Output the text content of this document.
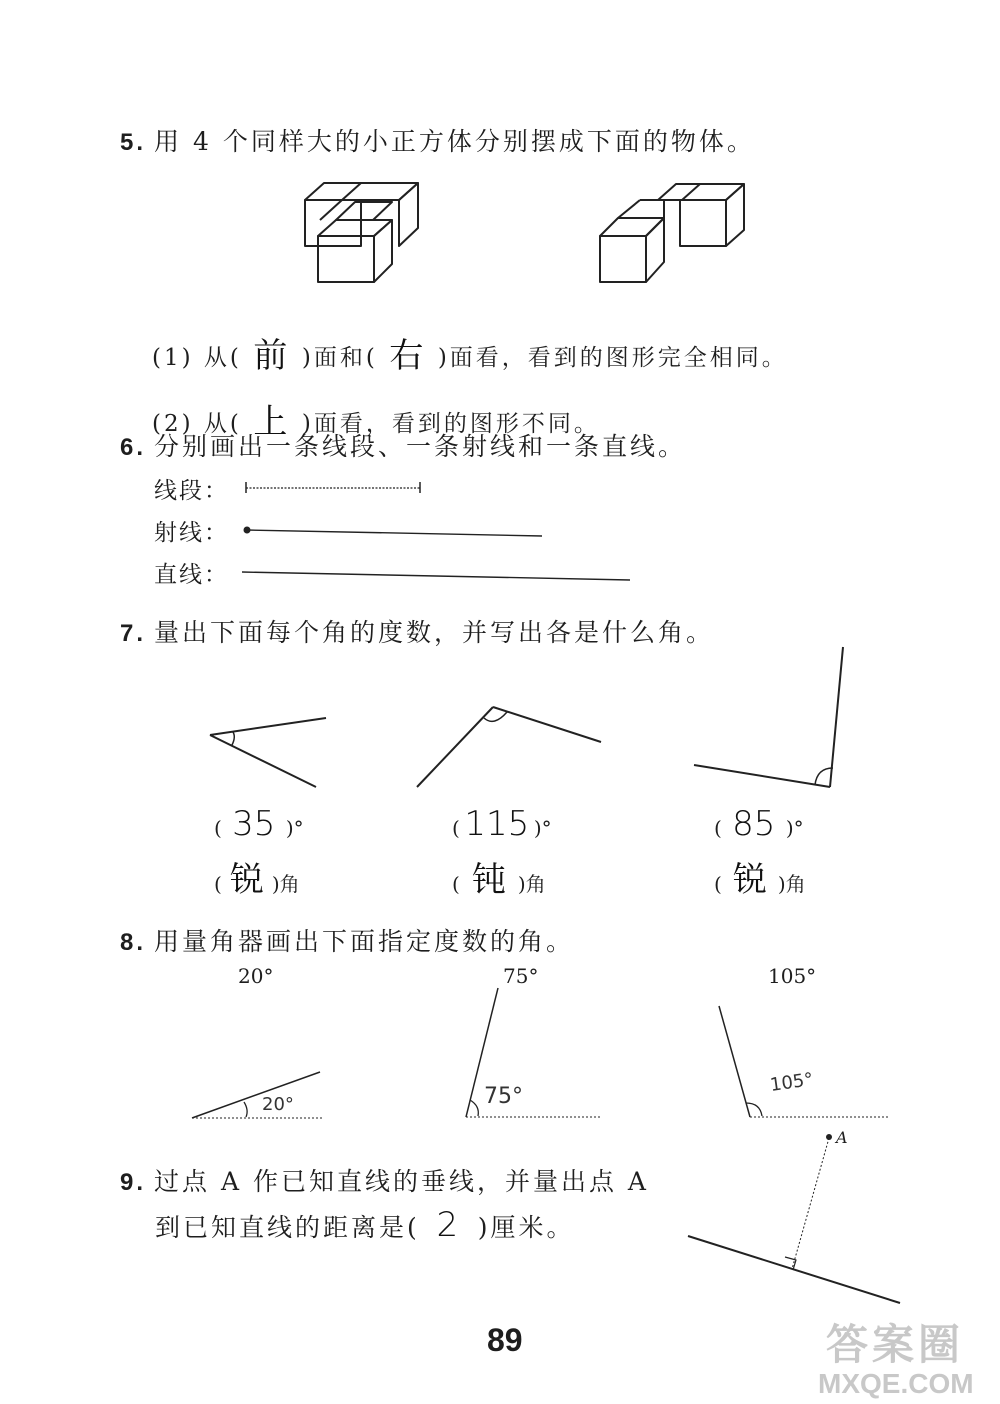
5. 用 4 个同样大的小正方体分别摆成下面的物体。
(1) 从( 前 )面和( 右 )面看，看到的图形完全相同。
(2) 从( 上 )面看，看到的图形不同。
6. 分别画出一条线段、一条射线和一条直线。
线段：
射线：
直线：
7. 量出下面每个角的度数，并写出各是什么角。
( 35 )°
( 锐 )角
( 115 )°
( 钝 )角
( 85 )°
( 锐 )角
8. 用量角器画出下面指定度数的角。
20°	75°	105°
20°	75°
105°
9. 过点 A 作已知直线的垂线，并量出点 A
到已知直线的距离是( 2 )厘米。
A
89	答案圈
MXQE.COM
